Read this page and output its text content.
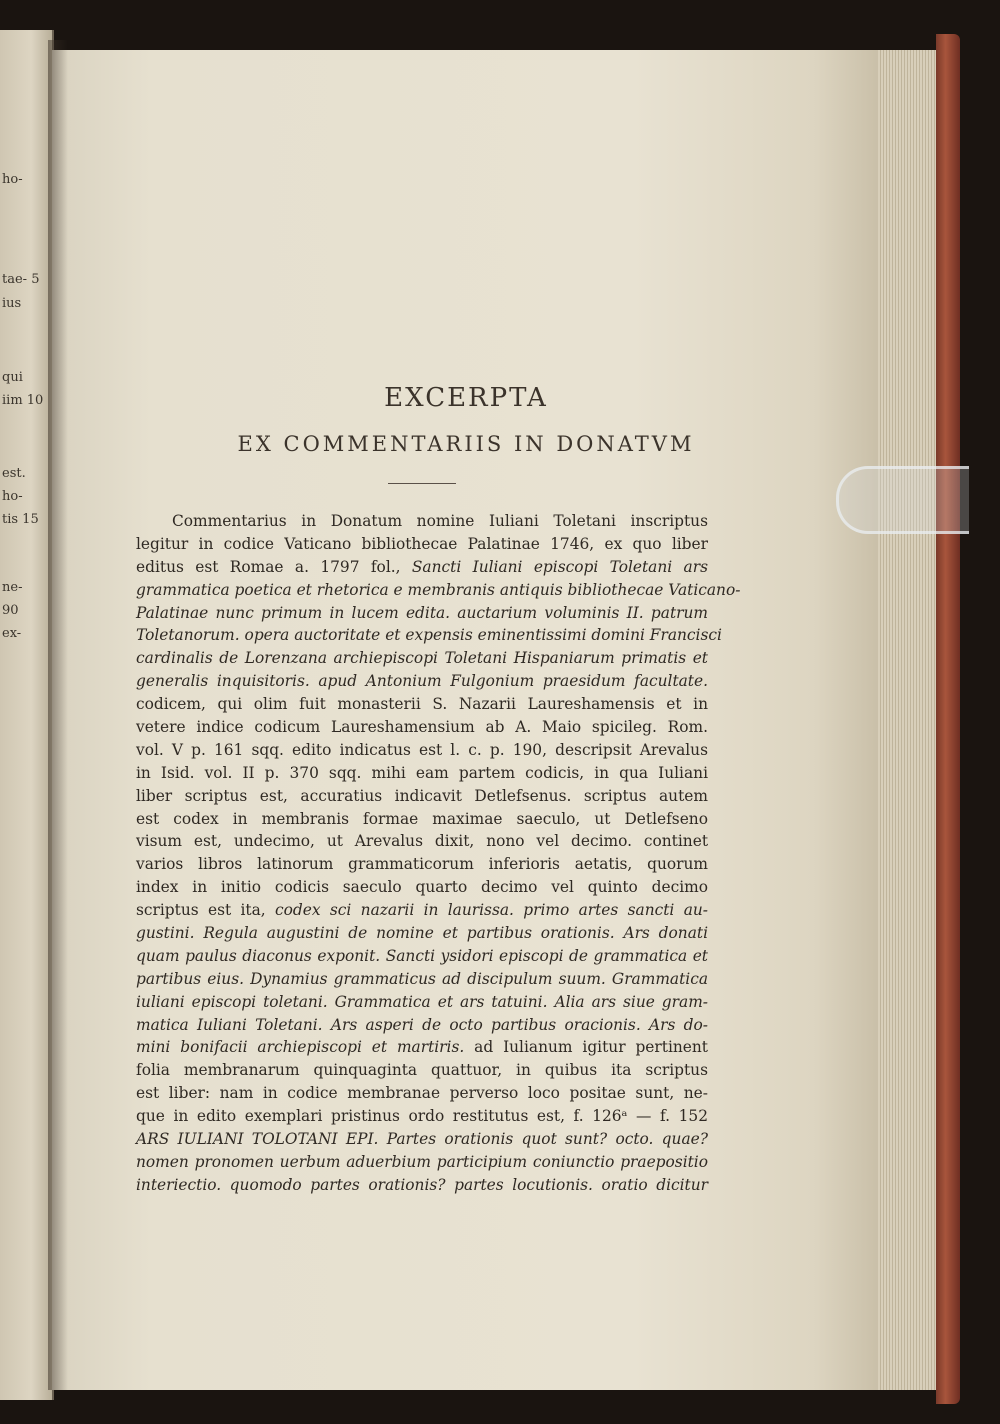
ho-
tae- 5
ius
qui
iim 10
est.
ho-
tis 15
ne-
90
ex-
EXCERPTA
EX COMMENTARIIS IN DONATVM
Commentarius in Donatum nomine Iuliani Toletani inscriptus
legitur in codice Vaticano bibliothecae Palatinae 1746, ex quo liber
editus est Romae a. 1797 fol., Sancti Iuliani episcopi Toletani ars
grammatica poetica et rhetorica e membranis antiquis bibliothecae Vaticano-
Palatinae nunc primum in lucem edita. auctarium voluminis II. patrum
Toletanorum. opera auctoritate et expensis eminentissimi domini Francisci
cardinalis de Lorenzana archiepiscopi Toletani Hispaniarum primatis et
generalis inquisitoris. apud Antonium Fulgonium praesidum facultate.
codicem, qui olim fuit monasterii S. Nazarii Laureshamensis et in
vetere indice codicum Laureshamensium ab A. Maio spicileg. Rom.
vol. V p. 161 sqq. edito indicatus est l. c. p. 190, descripsit Arevalus
in Isid. vol. II p. 370 sqq. mihi eam partem codicis, in qua Iuliani
liber scriptus est, accuratius indicavit Detlefsenus. scriptus autem
est codex in membranis formae maximae saeculo, ut Detlefseno
visum est, undecimo, ut Arevalus dixit, nono vel decimo. continet
varios libros latinorum grammaticorum inferioris aetatis, quorum
index in initio codicis saeculo quarto decimo vel quinto decimo
scriptus est ita, codex sci nazarii in laurissa. primo artes sancti au-
gustini. Regula augustini de nomine et partibus orationis. Ars donati
quam paulus diaconus exponit. Sancti ysidori episcopi de grammatica et
partibus eius. Dynamius grammaticus ad discipulum suum. Grammatica
iuliani episcopi toletani. Grammatica et ars tatuini. Alia ars siue gram-
matica Iuliani Toletani. Ars asperi de octo partibus oracionis. Ars do-
mini bonifacii archiepiscopi et martiris. ad Iulianum igitur pertinent
folia membranarum quinquaginta quattuor, in quibus ita scriptus
est liber: nam in codice membranae perverso loco positae sunt, ne-
que in edito exemplari pristinus ordo restitutus est, f. 126ᵃ — f. 152
ARS IULIANI TOLOTANI EPI. Partes orationis quot sunt? octo. quae?
nomen pronomen uerbum aduerbium participium coniunctio praepositio
interiectio. quomodo partes orationis? partes locutionis. oratio dicitur
